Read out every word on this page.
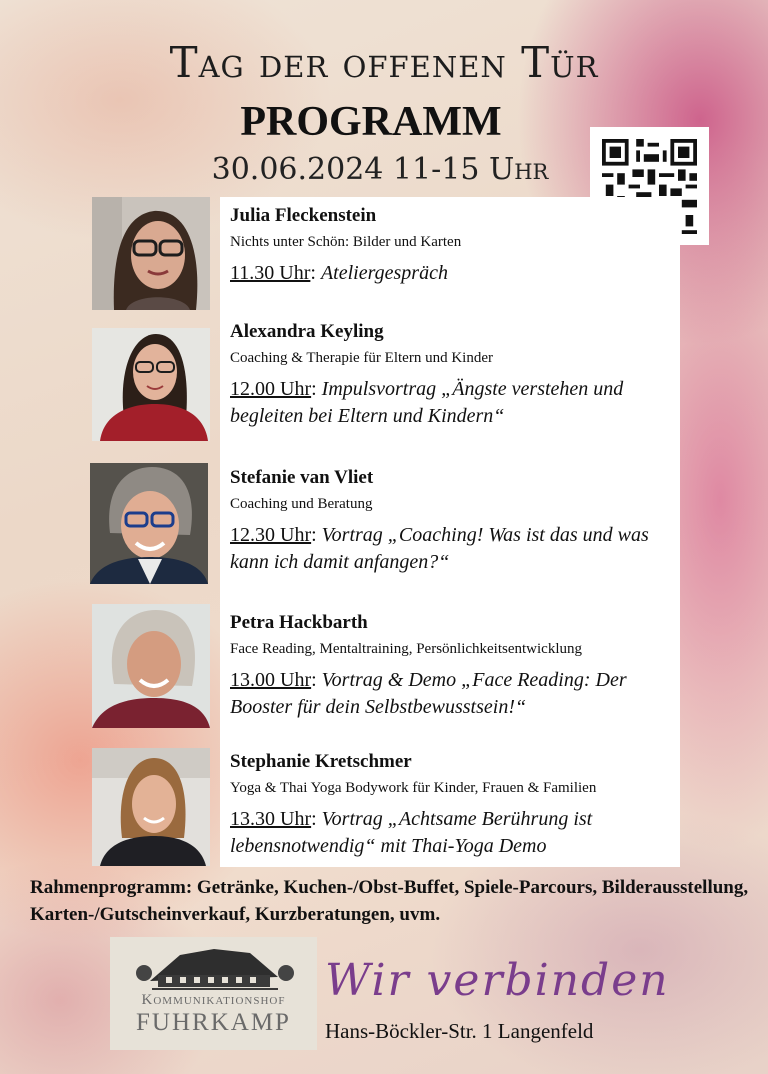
Tag der offenen Tür
PROGRAMM
30.06.2024 11-15 Uhr
Julia Fleckenstein
Nichts unter Schön: Bilder und Karten
11.30 Uhr: Ateliergespräch
Alexandra Keyling
Coaching & Therapie für Eltern und Kinder
12.00 Uhr: Impulsvortrag „Ängste verstehen und begleiten bei Eltern und Kindern“
Stefanie van Vliet
Coaching und Beratung
12.30 Uhr: Vortrag „Coaching! Was ist das und was kann ich damit anfangen?“
Petra Hackbarth
Face Reading, Mentaltraining, Persönlichkeitsentwicklung
13.00 Uhr: Vortrag & Demo „Face Reading: Der Booster für dein Selbstbewusstsein!“
Stephanie Kretschmer
Yoga & Thai Yoga Bodywork für Kinder, Frauen & Familien
13.30 Uhr: Vortrag „Achtsame Berührung ist lebensnotwendig“ mit Thai-Yoga Demo
Rahmenprogramm: Getränke, Kuchen-/Obst-Buffet, Spiele-Parcours, Bilderausstellung, Karten-/Gutscheinverkauf, Kurzberatungen, uvm.
Kommunikationshof
FUHRKAMP
Wir verbinden
Hans-Böckler-Str. 1 Langenfeld
